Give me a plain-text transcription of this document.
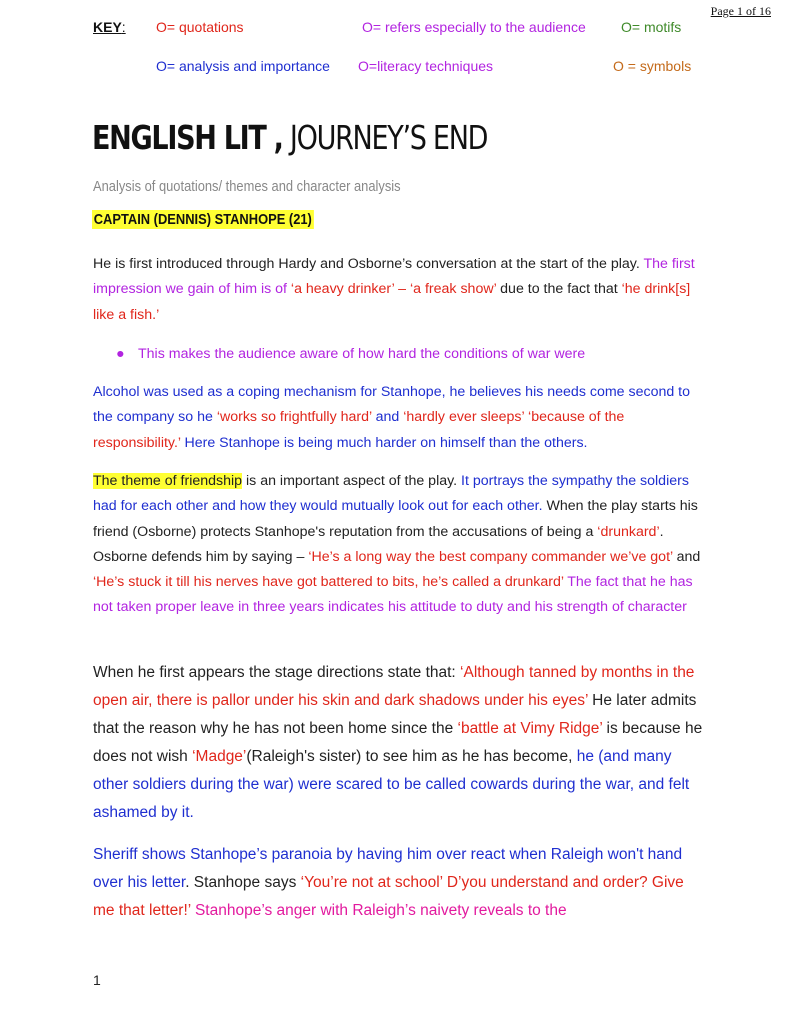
Page 1 of 16
KEY: O= quotations	O= refers especially to the audience	O= motifs
O= analysis and importance O=literacy techniques	O = symbols
ENGLISH LIT , JOURNEY’S END
Analysis of quotations/ themes and character analysis
CAPTAIN (DENNIS) STANHOPE (21)
He is first introduced through Hardy and Osborne’s conversation at the start of the play. The first impression we gain of him is of ‘a heavy drinker’ – ‘a freak show’ due to the fact that ‘he drink[s] like a fish.’
● This makes the audience aware of how hard the conditions of war were
Alcohol was used as a coping mechanism for Stanhope, he believes his needs come second to the company so he ‘works so frightfully hard’ and ‘hardly ever sleeps’ ‘because of the responsibility.’ Here Stanhope is being much harder on himself than the others.
The theme of friendship is an important aspect of the play. It portrays the sympathy the soldiers had for each other and how they would mutually look out for each other. When the play starts his friend (Osborne) protects Stanhope's reputation from the accusations of being a ‘drunkard’. Osborne defends him by saying – ‘He’s a long way the best company commander we’ve got’ and ‘He’s stuck it till his nerves have got battered to bits, he’s called a drunkard’ The fact that he has not taken proper leave in three years indicates his attitude to duty and his strength of character
When he first appears the stage directions state that: ‘Although tanned by months in the open air, there is pallor under his skin and dark shadows under his eyes’ He later admits that the reason why he has not been home since the ‘battle at Vimy Ridge’ is because he does not wish ‘Madge’(Raleigh's sister) to see him as he has become, he (and many other soldiers during the war) were scared to be called cowards during the war, and felt ashamed by it.
Sheriff shows Stanhope’s paranoia by having him over react when Raleigh won't hand over his letter. Stanhope says ‘You’re not at school’ D’you understand and order? Give me that letter!’ Stanhope’s anger with Raleigh’s naivety reveals to the
1
